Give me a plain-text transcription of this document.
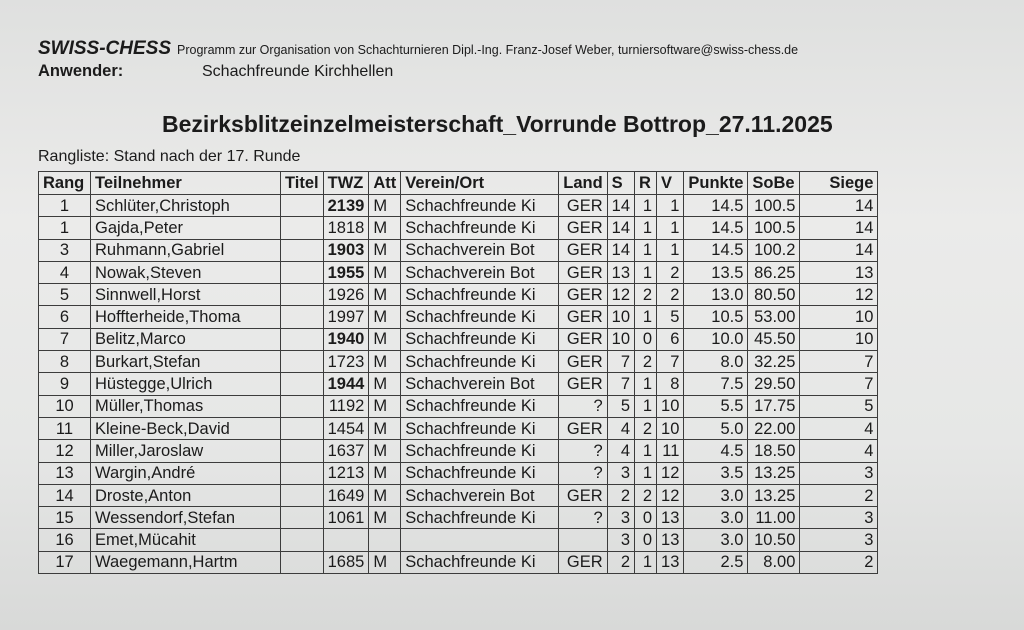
SWISS-CHESS Programm zur Organisation von Schachturnieren Dipl.-Ing. Franz-Josef Weber, turniersoftware@swiss-chess.de
Anwender:	Schachfreunde Kirchhellen
Bezirksblitzeinzelmeisterschaft_Vorrunde Bottrop_27.11.2025
Rangliste: Stand nach der 17. Runde
Rang	Teilnehmer	Titel	TWZ	Att	Verein/Ort	Land	S	R	V	Punkte	SoBe	Siege
1	Schlüter,Christoph		2139	M	Schachfreunde Ki	GER	14	1	1	14.5	100.5	14
1	Gajda,Peter		1818	M	Schachfreunde Ki	GER	14	1	1	14.5	100.5	14
3	Ruhmann,Gabriel		1903	M	Schachverein Bot	GER	14	1	1	14.5	100.2	14
4	Nowak,Steven		1955	M	Schachverein Bot	GER	13	1	2	13.5	86.25	13
5	Sinnwell,Horst		1926	M	Schachfreunde Ki	GER	12	2	2	13.0	80.50	12
6	Hoffterheide,Thoma		1997	M	Schachfreunde Ki	GER	10	1	5	10.5	53.00	10
7	Belitz,Marco		1940	M	Schachfreunde Ki	GER	10	0	6	10.0	45.50	10
8	Burkart,Stefan		1723	M	Schachfreunde Ki	GER	7	2	7	8.0	32.25	7
9	Hüstegge,Ulrich		1944	M	Schachverein Bot	GER	7	1	8	7.5	29.50	7
10	Müller,Thomas		1192	M	Schachfreunde Ki	?	5	1	10	5.5	17.75	5
11	Kleine-Beck,David		1454	M	Schachfreunde Ki	GER	4	2	10	5.0	22.00	4
12	Miller,Jaroslaw		1637	M	Schachfreunde Ki	?	4	1	11	4.5	18.50	4
13	Wargin,André		1213	M	Schachfreunde Ki	?	3	1	12	3.5	13.25	3
14	Droste,Anton		1649	M	Schachverein Bot	GER	2	2	12	3.0	13.25	2
15	Wessendorf,Stefan		1061	M	Schachfreunde Ki	?	3	0	13	3.0	11.00	3
16	Emet,Mücahit						3	0	13	3.0	10.50	3
17	Waegemann,Hartm		1685	M	Schachfreunde Ki	GER	2	1	13	2.5	8.00	2
